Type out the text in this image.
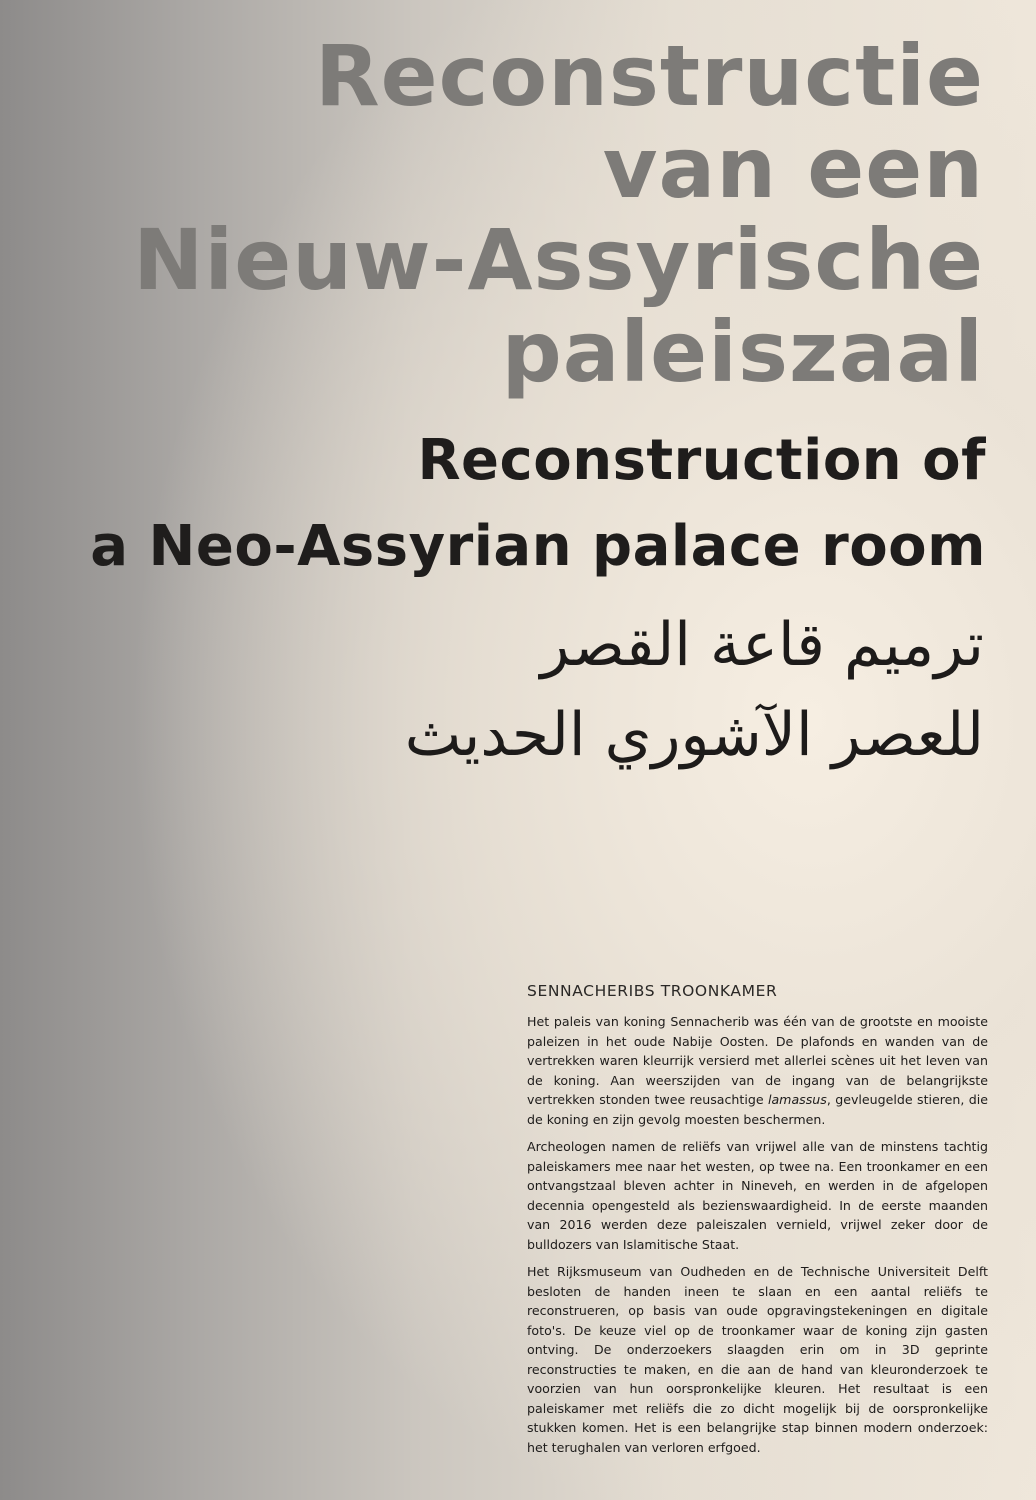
Reconstructie
van een
Nieuw-Assyrische
paleiszaal
Reconstruction of
a Neo-Assyrian palace room
ترميم قاعة القصر
للعصر الآشوري الحديث
SENNACHERIBS TROONKAMER

Het paleis van koning Sennacherib was één van de grootste en mooiste paleizen in het oude Nabije Oosten. De plafonds en wanden van de vertrekken waren kleurrijk versierd met allerlei scènes uit het leven van de koning. Aan weerszijden van de ingang van de belangrijkste vertrekken stonden twee reusachtige lamassus, gevleugelde stieren, die de koning en zijn gevolg moesten beschermen.

Archeologen namen de reliëfs van vrijwel alle van de minstens tachtig paleiskamers mee naar het westen, op twee na. Een troonkamer en een ontvangstzaal bleven achter in Nineveh, en werden in de afgelopen decennia opengesteld als bezienswaardigheid. In de eerste maanden van 2016 werden deze paleiszalen vernield, vrijwel zeker door de bulldozers van Islamitische Staat.

Het Rijksmuseum van Oudheden en de Technische Universiteit Delft besloten de handen ineen te slaan en een aantal reliëfs te reconstrueren, op basis van oude opgravingstekeningen en digitale foto's. De keuze viel op de troonkamer waar de koning zijn gasten ontving. De onderzoekers slaagden erin om in 3D geprinte reconstructies te maken, en die aan de hand van kleuronderzoek te voorzien van hun oorspronkelijke kleuren. Het resultaat is een paleiskamer met reliëfs die zo dicht mogelijk bij de oorspronkelijke stukken komen. Het is een belangrijke stap binnen modern onderzoek: het terughalen van verloren erfgoed.
